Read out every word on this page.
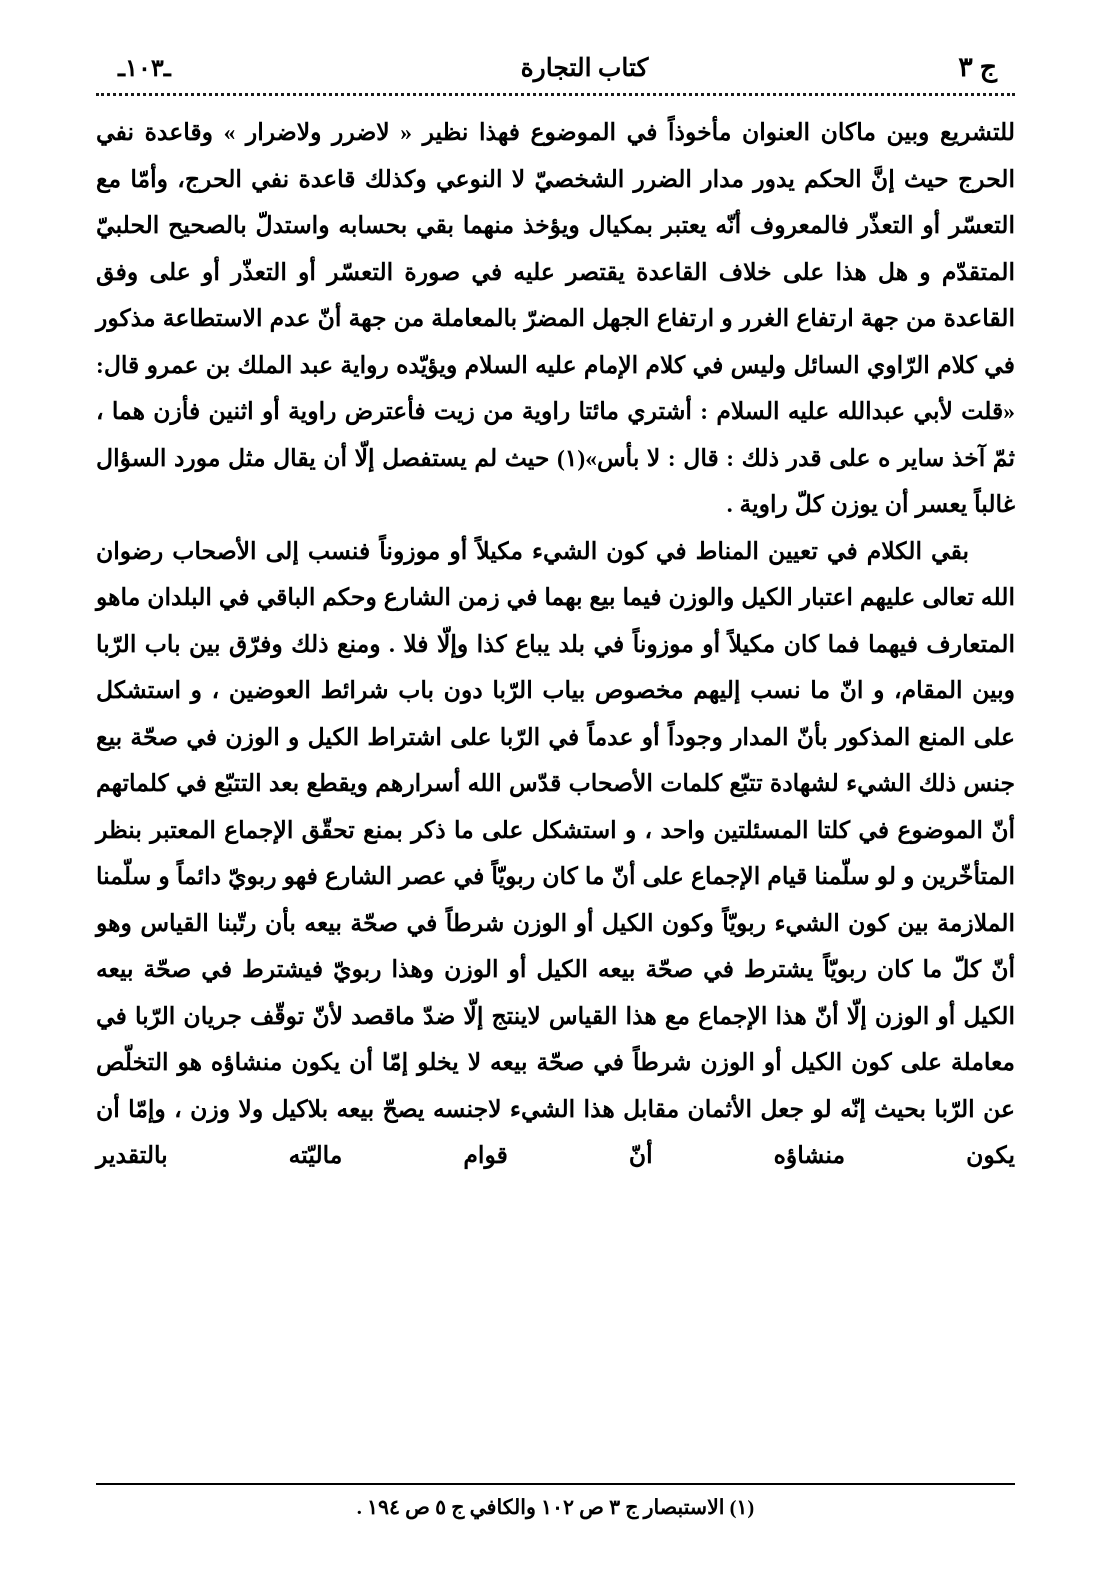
ج ٣
كتاب التجارة
ـ١٠٣ـ

للتشريع وبين ماكان العنوان مأخوذاً في الموضوع فهذا نظير « لاضرر ولاضرار » وقاعدة نفي الحرج حيث إنَّ الحكم يدور مدار الضرر الشخصيّ لا النوعي وكذلك قاعدة نفي الحرج، وأمّا مع التعسّر أو التعذّر فالمعروف أنّه يعتبر بمكيال ويؤخذ منهما بقي بحسابه واستدلّ بالصحيح الحلبيّ المتقدّم و هل هذا على خلاف القاعدة يقتصر عليه في صورة التعسّر أو التعذّر أو على وفق القاعدة من جهة ارتفاع الغرر و ارتفاع الجهل المضرّ بالمعاملة من جهة أنّ عدم الاستطاعة مذكور في كلام الرّاوي السائل وليس في كلام الإمام عليه السلام ويؤيّده رواية عبد الملك بن عمرو قال: «قلت لأبي عبدالله عليه السلام : أشتري مائتا راوية من زيت فأعترض راوية أو اثنين فأزن هما ، ثمّ آخذ ساير ه على قدر ذلك : قال : لا بأس»(١) حيث لم يستفصل إلّا أن يقال مثل مورد السؤال غالباً يعسر أن يوزن كلّ راوية .

بقي الكلام في تعيين المناط في كون الشيء مكيلاً أو موزوناً فنسب إلى الأصحاب رضوان الله تعالى عليهم اعتبار الكيل والوزن فيما بيع بهما في زمن الشارع وحكم الباقي في البلدان ماهو المتعارف فيهما فما كان مكيلاً أو موزوناً في بلد يباع كذا وإلّا فلا . ومنع ذلك وفرّق بين باب الرّبا وبين المقام، و انّ ما نسب إليهم مخصوص بياب الرّبا دون باب شرائط العوضين ، و استشكل على المنع المذكور بأنّ المدار وجوداً أو عدماً في الرّبا على اشتراط الكيل و الوزن في صحّة بيع جنس ذلك الشيء لشهادة تتبّع كلمات الأصحاب قدّس الله أسرارهم ويقطع بعد التتبّع في كلماتهم أنّ الموضوع في كلتا المسئلتين واحد ، و استشكل على ما ذكر بمنع تحقّق الإجماع المعتبر بنظر المتأخّرين و لو سلّمنا قيام الإجماع على أنّ ما كان ربويّاً في عصر الشارع فهو ربويّ دائماً و سلّمنا الملازمة بين كون الشيء ربويّاً وكون الكيل أو الوزن شرطاً في صحّة بيعه بأن رتّبنا القياس وهو أنّ كلّ ما كان ربويّاً يشترط في صحّة بيعه الكيل أو الوزن وهذا ربويّ فيشترط في صحّة بيعه الكيل أو الوزن إلّا أنّ هذا الإجماع مع هذا القياس لاينتج إلّا ضدّ ماقصد لأنّ توقّف جريان الرّبا في معاملة على كون الكيل أو الوزن شرطاً في صحّة بيعه لا يخلو إمّا أن يكون منشاؤه هو التخلّص عن الرّبا بحيث إنّه لو جعل الأثمان مقابل هذا الشيء لاجنسه يصحّ بيعه بلاكيل ولا وزن ، وإمّا أن يكون منشاؤه أنّ قوام ماليّته بالتقدير

(١) الاستبصار ج ٣ ص ١٠٢ والكافي ج ٥ ص ١٩٤ .
